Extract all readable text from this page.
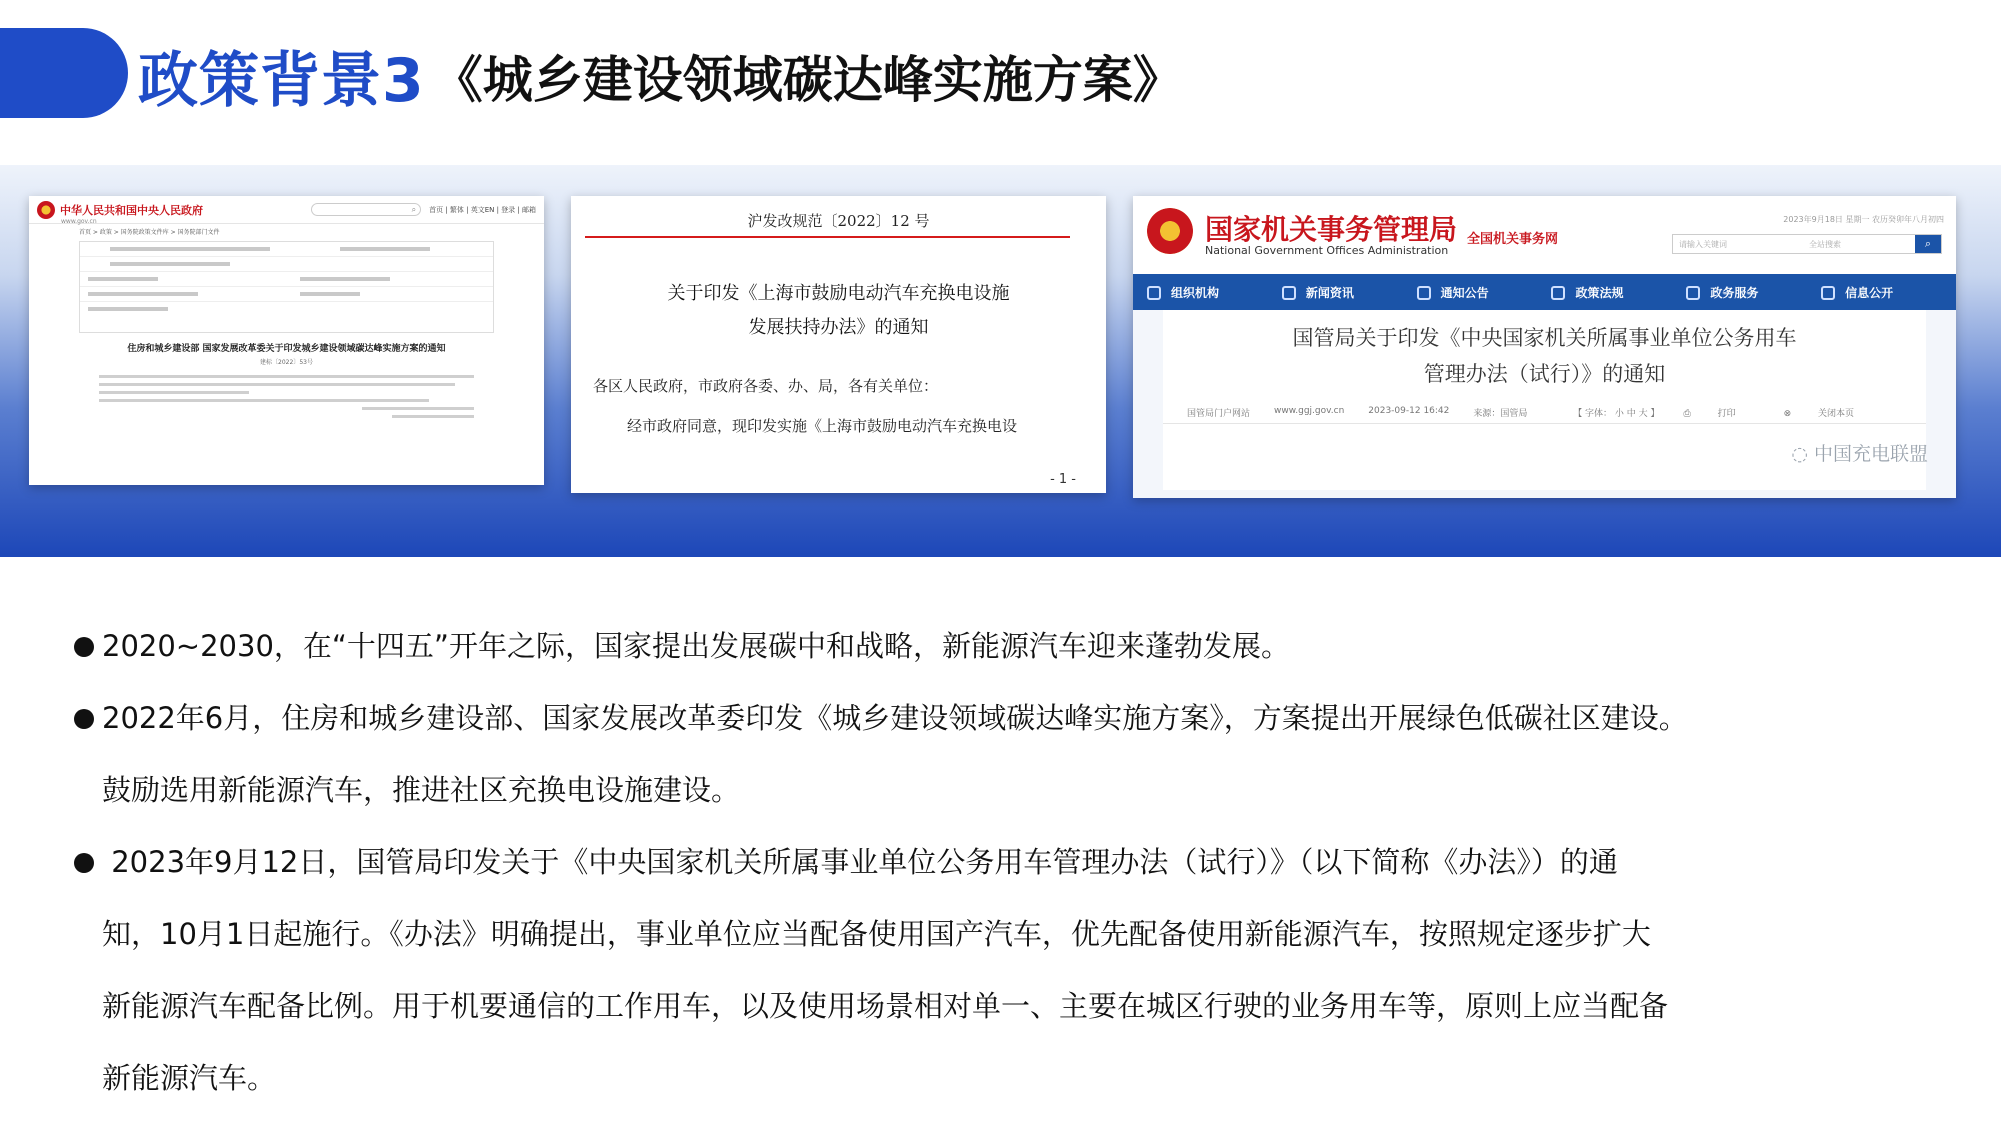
政策背景3 《城乡建设领域碳达峰实施方案》
中华人民共和国中央人民政府
www.gov.cn
⌕ 首页 | 繁体 | 英文EN | 登录 | 邮箱
首页 > 政策 > 国务院政策文件库 > 国务院部门文件
住房和城乡建设部 国家发展改革委关于印发城乡建设领域碳达峰实施方案的通知
建标〔2022〕53号
沪发改规范〔2022〕12 号
关于印发《上海市鼓励电动汽车充换电设施
发展扶持办法》的通知
各区人民政府，市政府各委、办、局，各有关单位：
经市政府同意，现印发实施《上海市鼓励电动汽车充换电设
- 1 -
国家机关事务管理局
National Government Offices Administration
全国机关事务网
2023年9月18日 星期一 农历癸卯年八月初四
请输入关键词	全站搜索	⌕
组织机构	新闻资讯	通知公告	政策法规	政务服务	信息公开
国管局关于印发《中央国家机关所属事业单位公务用车
管理办法（试行）》的通知
国管局门户网站	www.ggj.gov.cn	2023-09-12 16:42	来源：国管局	【 字体： 小 中 大 】	⎙	打印	⊗	关闭本页
◌ 中国充电联盟
2020~2030，在“十四五”开年之际，国家提出发展碳中和战略，新能源汽车迎来蓬勃发展。
2022年6月，住房和城乡建设部、国家发展改革委印发《城乡建设领域碳达峰实施方案》，方案提出开展绿色低碳社区建设。
鼓励选用新能源汽车，推进社区充换电设施建设。
2023年9月12日，国管局印发关于《中央国家机关所属事业单位公务用车管理办法（试行）》（以下简称《办法》）的通
知，10月1日起施行。《办法》明确提出，事业单位应当配备使用国产汽车，优先配备使用新能源汽车，按照规定逐步扩大
新能源汽车配备比例。用于机要通信的工作用车，以及使用场景相对单一、主要在城区行驶的业务用车等，原则上应当配备
新能源汽车。
